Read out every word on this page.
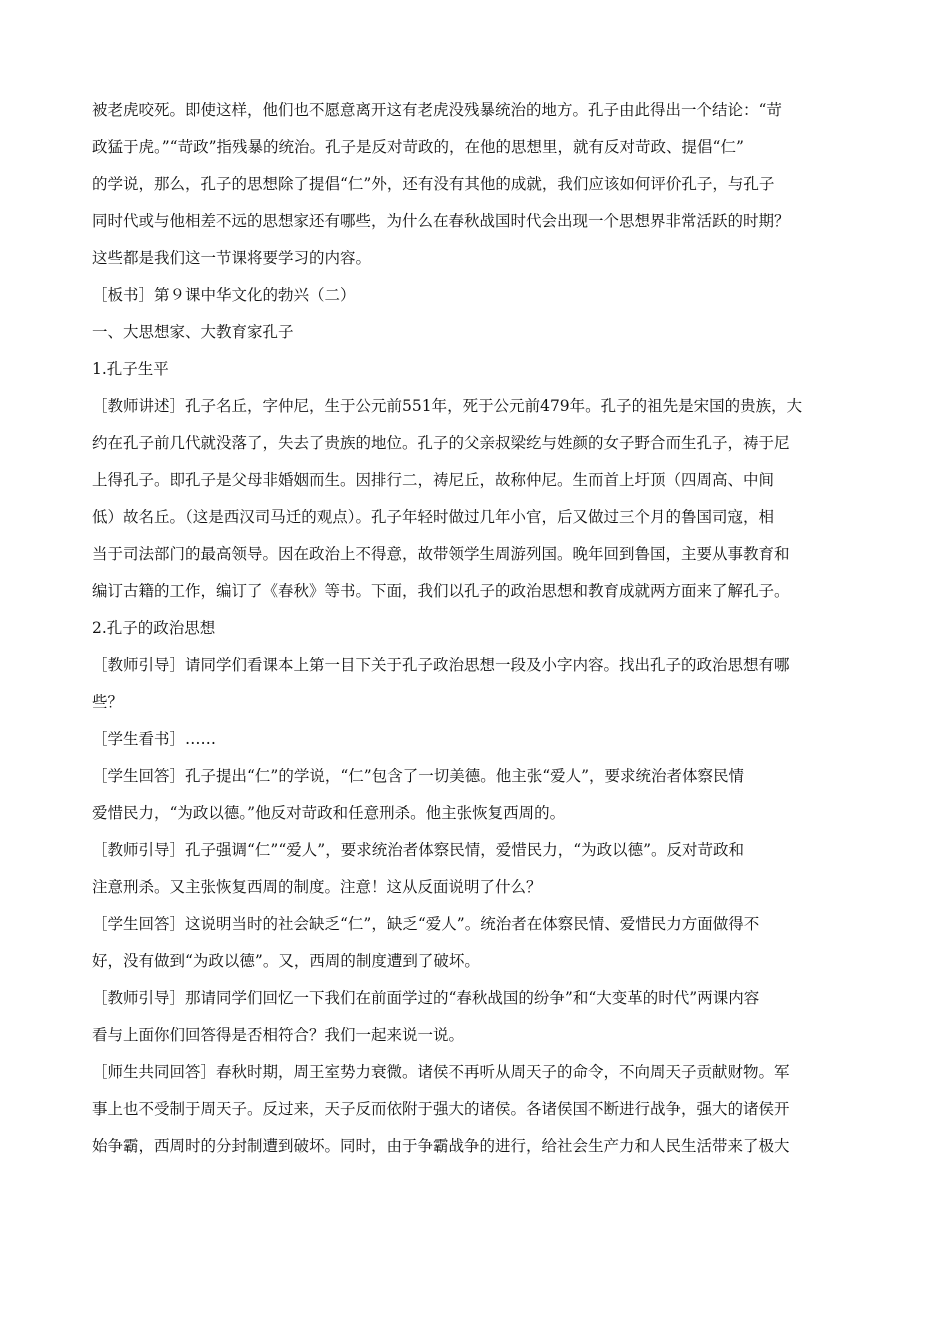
被老虎咬死。即使这样，他们也不愿意离开这有老虎没残暴统治的地方。孔子由此得出一个结论：“苛

政猛于虎。”“苛政”指残暴的统治。孔子是反对苛政的，在他的思想里，就有反对苛政、提倡“仁”

的学说，那么，孔子的思想除了提倡“仁”外，还有没有其他的成就，我们应该如何评价孔子，与孔子

同时代或与他相差不远的思想家还有哪些，为什么在春秋战国时代会出现一个思想界非常活跃的时期？

这些都是我们这一节课将要学习的内容。

［板书］第９课中华文化的勃兴（二）

一、大思想家、大教育家孔子

1.孔子生平

［教师讲述］孔子名丘，字仲尼，生于公元前551年，死于公元前479年。孔子的祖先是宋国的贵族，大

约在孔子前几代就没落了，失去了贵族的地位。孔子的父亲叔梁纥与姓颜的女子野合而生孔子，祷于尼

上得孔子。即孔子是父母非婚姻而生。因排行二，祷尼丘，故称仲尼。生而首上圩顶（四周高、中间

低）故名丘。（这是西汉司马迁的观点）。孔子年轻时做过几年小官，后又做过三个月的鲁国司寇，相

当于司法部门的最高领导。因在政治上不得意，故带领学生周游列国。晚年回到鲁国，主要从事教育和

编订古籍的工作，编订了《春秋》等书。下面，我们以孔子的政治思想和教育成就两方面来了解孔子。

2.孔子的政治思想

［教师引导］请同学们看课本上第一目下关于孔子政治思想一段及小字内容。找出孔子的政治思想有哪

些？

［学生看书］……

［学生回答］孔子提出“仁”的学说，“仁”包含了一切美德。他主张“爱人”，要求统治者体察民情

爱惜民力，“为政以德。”他反对苛政和任意刑杀。他主张恢复西周的。

［教师引导］孔子强调“仁”“爱人”，要求统治者体察民情，爱惜民力，“为政以德”。反对苛政和

注意刑杀。又主张恢复西周的制度。注意！这从反面说明了什么？

［学生回答］这说明当时的社会缺乏“仁”，缺乏“爱人”。统治者在体察民情、爱惜民力方面做得不

好，没有做到“为政以德”。又，西周的制度遭到了破坏。

［教师引导］那请同学们回忆一下我们在前面学过的“春秋战国的纷争”和“大变革的时代”两课内容

看与上面你们回答得是否相符合？我们一起来说一说。

［师生共同回答］春秋时期，周王室势力衰微。诸侯不再听从周天子的命令，不向周天子贡献财物。军

事上也不受制于周天子。反过来，天子反而依附于强大的诸侯。各诸侯国不断进行战争，强大的诸侯开

始争霸，西周时的分封制遭到破坏。同时，由于争霸战争的进行，给社会生产力和人民生活带来了极大
